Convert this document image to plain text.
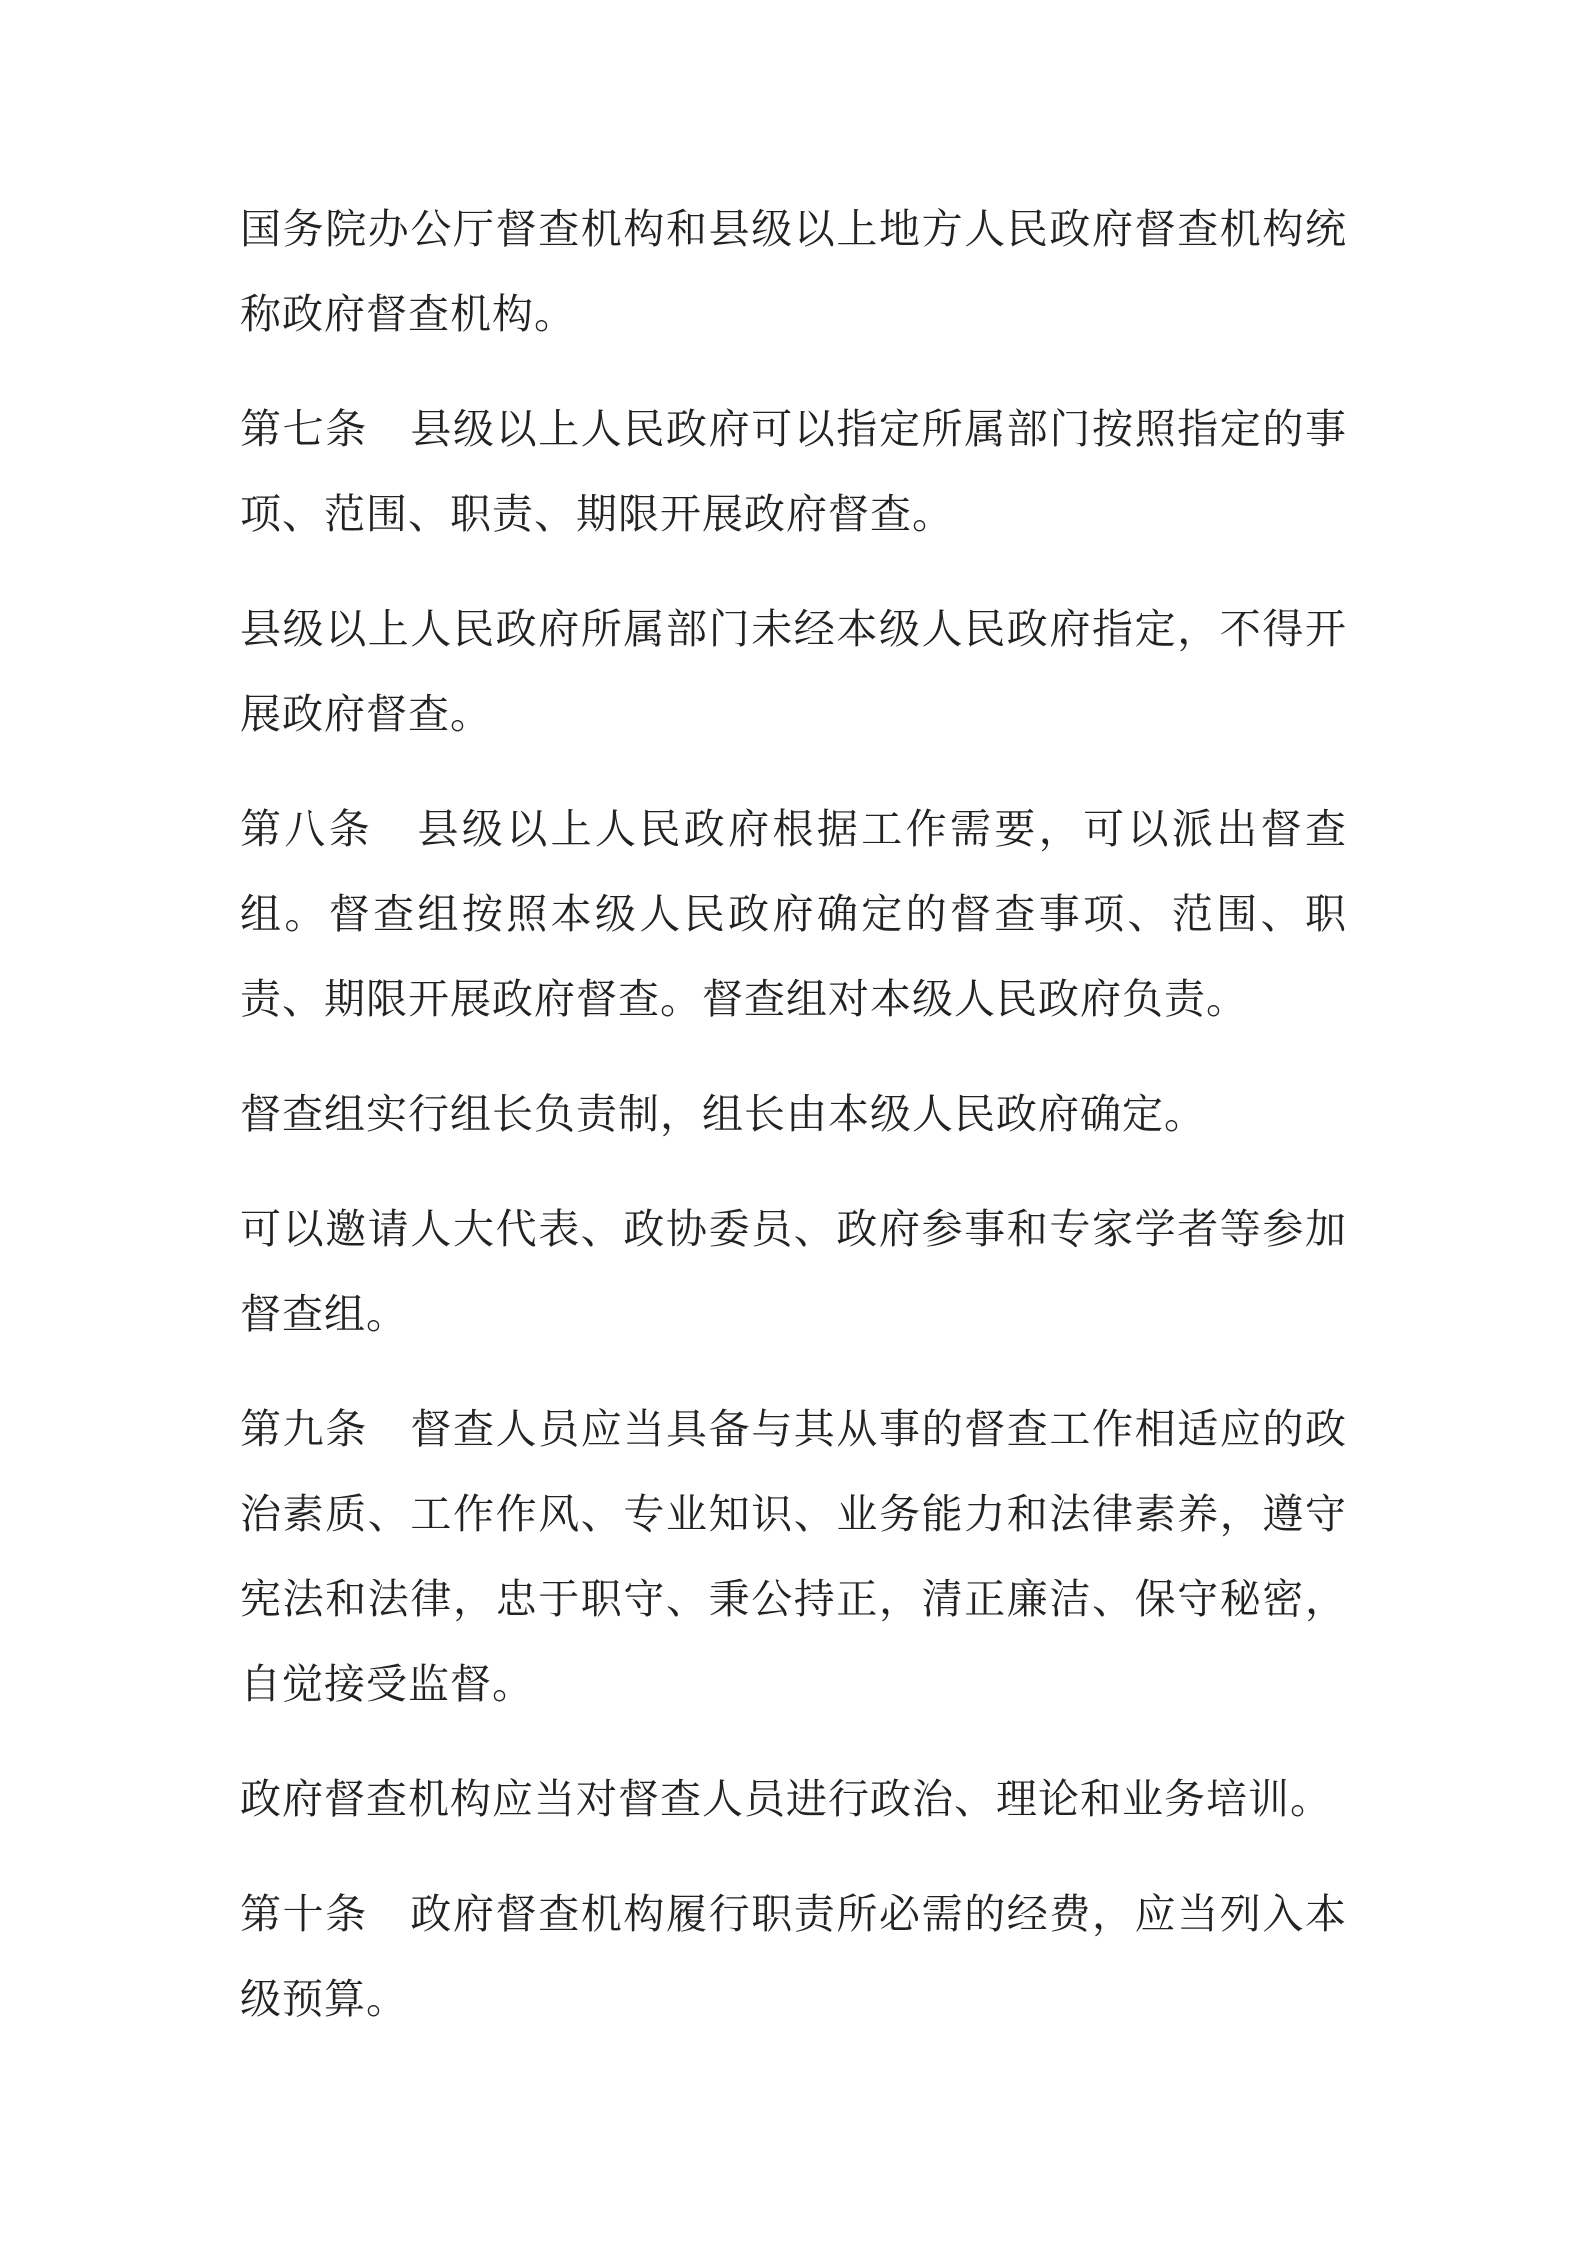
国务院办公厅督查机构和县级以上地方人民政府督查机构统称政府督查机构。

第七条　县级以上人民政府可以指定所属部门按照指定的事项、范围、职责、期限开展政府督查。

县级以上人民政府所属部门未经本级人民政府指定，不得开展政府督查。

第八条　县级以上人民政府根据工作需要，可以派出督查组。督查组按照本级人民政府确定的督查事项、范围、职责、期限开展政府督查。督查组对本级人民政府负责。

督查组实行组长负责制，组长由本级人民政府确定。

可以邀请人大代表、政协委员、政府参事和专家学者等参加督查组。

第九条　督查人员应当具备与其从事的督查工作相适应的政治素质、工作作风、专业知识、业务能力和法律素养，遵守宪法和法律，忠于职守、秉公持正，清正廉洁、保守秘密，自觉接受监督。

政府督查机构应当对督查人员进行政治、理论和业务培训。

第十条　政府督查机构履行职责所必需的经费，应当列入本级预算。
